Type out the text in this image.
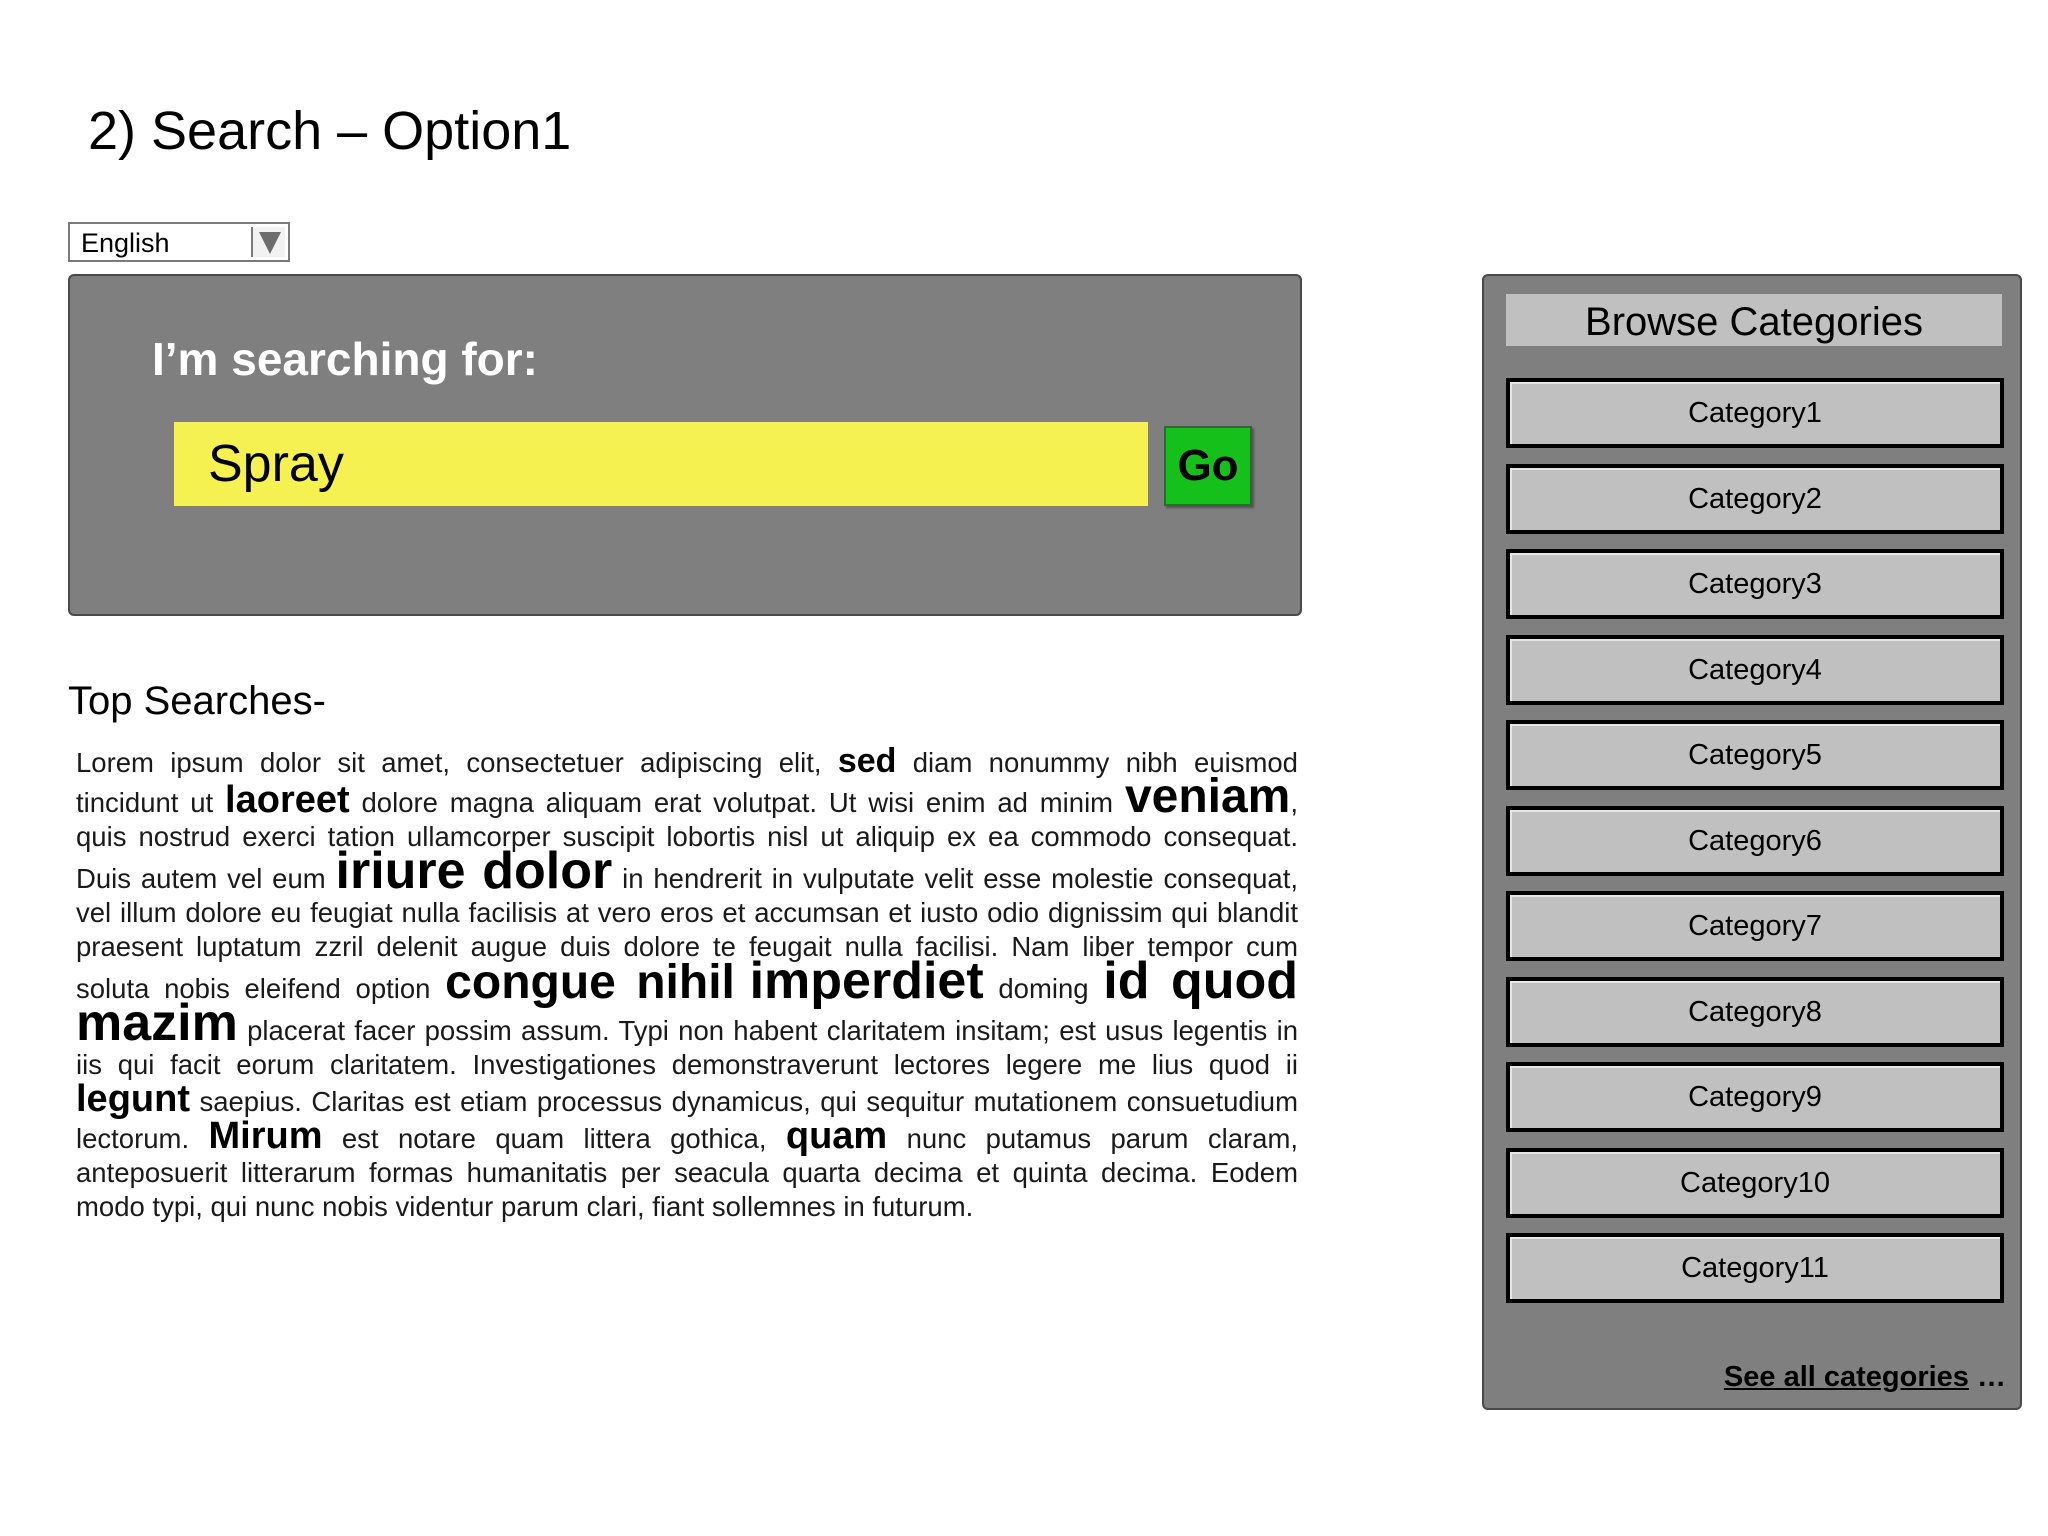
2) Search – Option1
English
I’m searching for:
Spray
Go
Top Searches-
Lorem ipsum dolor sit amet, consectetuer adipiscing elit, sed diam nonummy nibh euismod tincidunt ut laoreet dolore magna aliquam erat volutpat. Ut wisi enim ad minim veniam, quis nostrud exerci tation ullamcorper suscipit lobortis nisl ut aliquip ex ea commodo consequat. Duis autem vel eum iriure dolor in hendrerit in vulputate velit esse molestie consequat, vel illum dolore eu feugiat nulla facilisis at vero eros et accumsan et iusto odio dignissim qui blandit praesent luptatum zzril delenit augue duis dolore te feugait nulla facilisi. Nam liber tempor cum soluta nobis eleifend option congue nihil imperdiet doming id quod mazim placerat facer possim assum. Typi non habent claritatem insitam; est usus legentis in iis qui facit eorum claritatem. Investigationes demonstraverunt lectores legere me lius quod ii legunt saepius. Claritas est etiam processus dynamicus, qui sequitur mutationem consuetudium lectorum. Mirum est notare quam littera gothica, quam nunc putamus parum claram, anteposuerit litterarum formas humanitatis per seacula quarta decima et quinta decima. Eodem modo typi, qui nunc nobis videntur parum clari, fiant sollemnes in futurum.
Browse Categories
Category1
Category2
Category3
Category4
Category5
Category6
Category7
Category8
Category9
Category10
Category11
See all categories …
